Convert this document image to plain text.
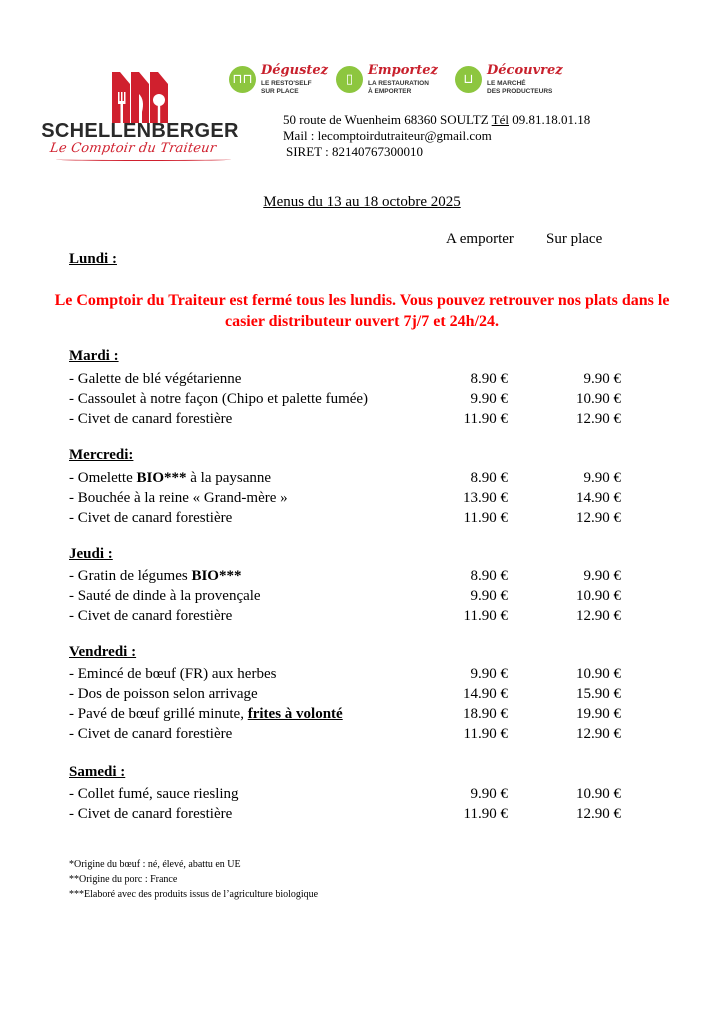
SCHELLENBERGER
Le Comptoir du Traiteur
⊓⊓
Dégustez
LE RESTO'SELF
SUR PLACE
▯
Emportez
LA RESTAURATION
À EMPORTER
⊔
Découvrez
LE MARCHÉ
DES PRODUCTEURS
50 route de Wuenheim 68360 SOULTZ Tél 09.81.18.01.18
Mail : lecomptoirdutraiteur@gmail.com
SIRET : 82140767300010
Menus du 13 au 18 octobre 2025
A emporter Sur place
Lundi :
Le Comptoir du Traiteur est fermé tous les lundis. Vous pouvez retrouver nos plats dans le casier distributeur ouvert 7j/7 et 24h/24.
Mardi :
- Galette de blé végétarienne	8.90 €	9.90 €
- Cassoulet à notre façon (Chipo et palette fumée)	9.90 €	10.90 €
- Civet de canard forestière	11.90 €	12.90 €
Mercredi:
- Omelette BIO*** à la paysanne	8.90 €	9.90 €
- Bouchée à la reine « Grand-mère »	13.90 €	14.90 €
- Civet de canard forestière	11.90 €	12.90 €
Jeudi :
- Gratin de légumes BIO***	8.90 €	9.90 €
- Sauté de dinde à la provençale	9.90 €	10.90 €
- Civet de canard forestière	11.90 €	12.90 €
Vendredi :
- Emincé de bœuf (FR) aux herbes	9.90 €	10.90 €
- Dos de poisson selon arrivage	14.90 €	15.90 €
- Pavé de bœuf grillé minute, frites à volonté	18.90 €	19.90 €
- Civet de canard forestière	11.90 €	12.90 €
Samedi :
- Collet fumé, sauce riesling	9.90 €	10.90 €
- Civet de canard forestière	11.90 €	12.90 €
*Origine du bœuf : né, élevé, abattu en UE
**Origine du porc : France
***Elaboré avec des produits issus de l’agriculture biologique
